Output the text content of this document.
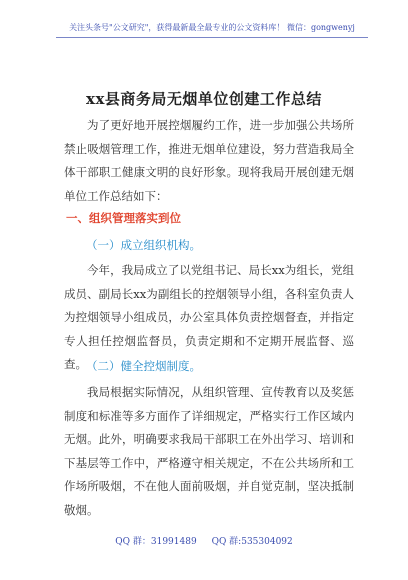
关注头条号"公文研究"，获得最新最全最专业的公文资料库！ 微信：gongwenyj
xx县商务局无烟单位创建工作总结

为了更好地开展控烟履约工作，进一步加强公共场所禁止吸烟管理工作，推进无烟单位建设，努力营造我局全体干部职工健康文明的良好形象。现将我局开展创建无烟单位工作总结如下：

一、组织管理落实到位
（一）成立组织机构。

今年，我局成立了以党组书记、局长xx为组长，党组成员、副局长xx为副组长的控烟领导小组，各科室负责人为控烟领导小组成员，办公室具体负责控烟督查，并指定专人担任控烟监督员，负责定期和不定期开展监督、巡查。 （二）健全控烟制度。

我局根据实际情况，从组织管理、宣传教育以及奖惩制度和标准等多方面作了详细规定，严格实行工作区域内无烟。此外，明确要求我局干部职工在外出学习、培训和下基层等工作中，严格遵守相关规定，不在公共场所和工作场所吸烟，不在他人面前吸烟，并自觉克制，坚决抵制敬烟。

QQ 群：31991489 QQ 群:535304092
